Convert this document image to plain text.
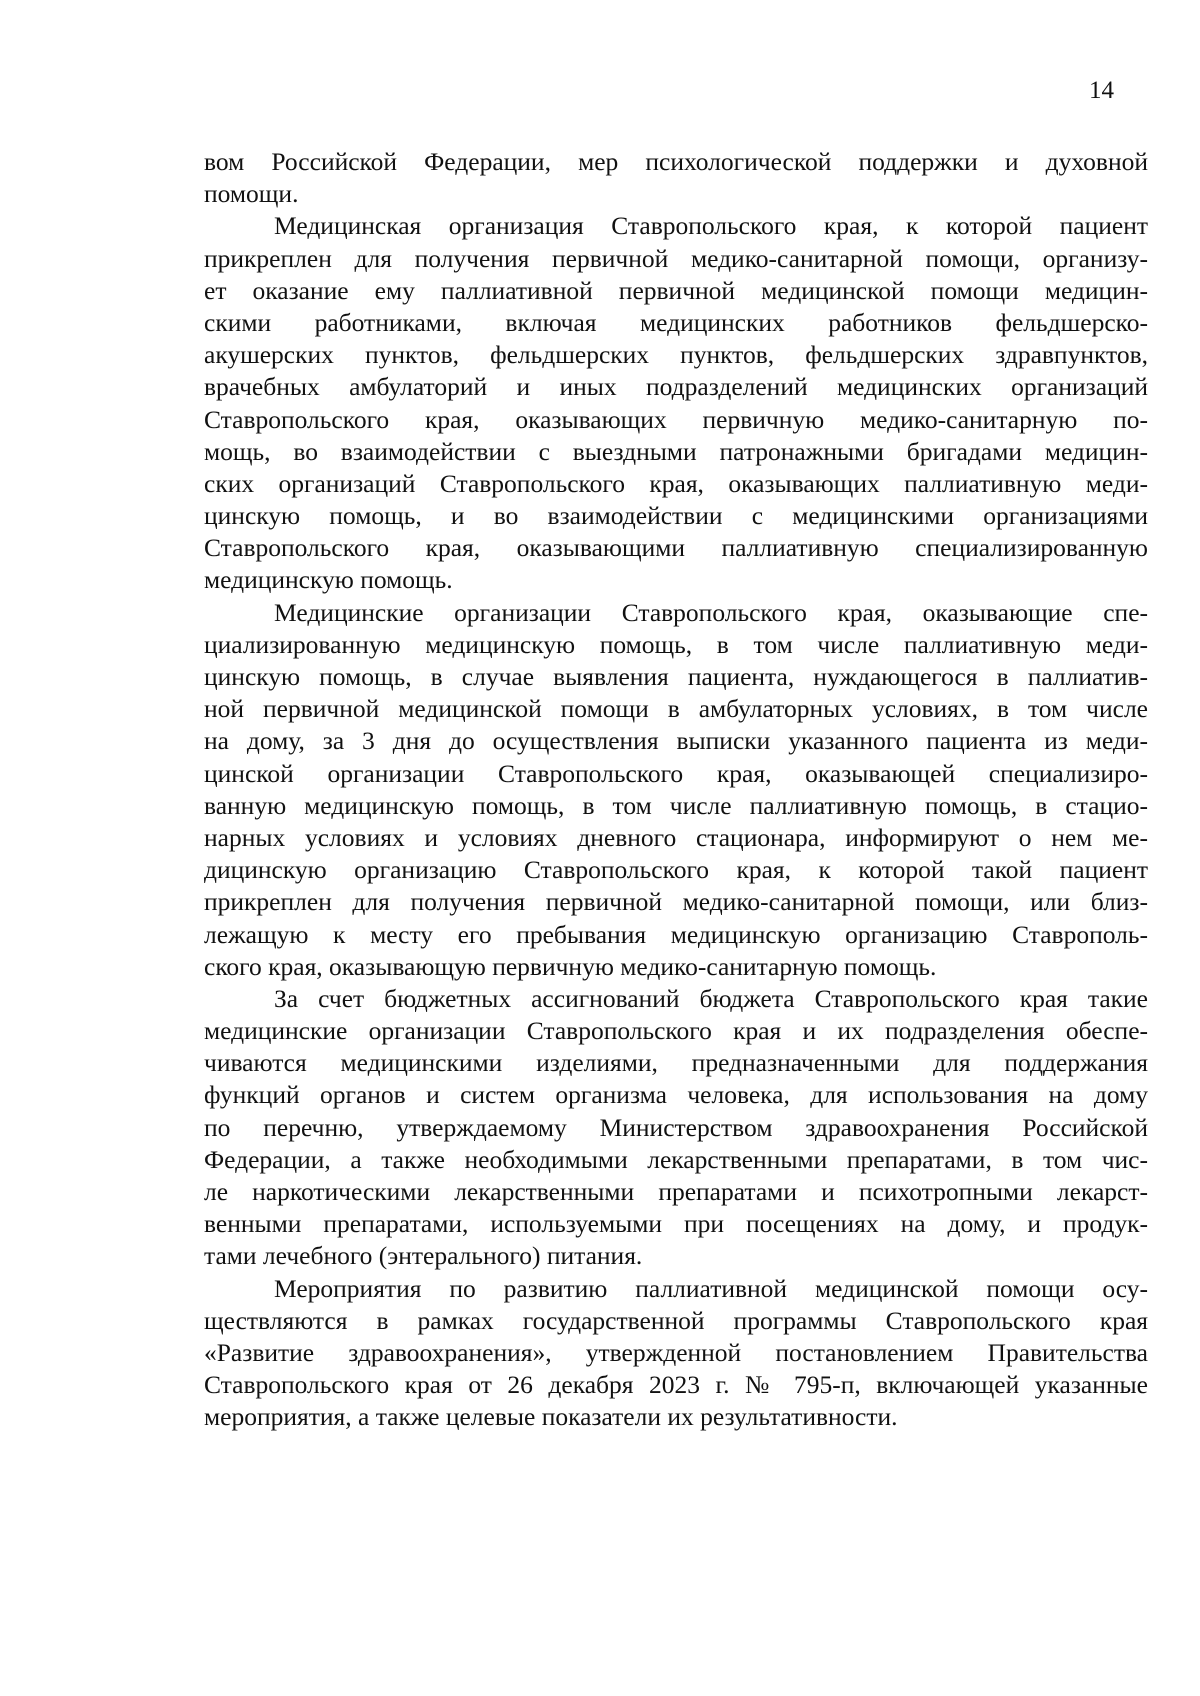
14
вом Российской Федерации, мер психологической поддержки и духовной
помощи.
Медицинская организация Ставропольского края, к которой пациент
прикреплен для получения первичной медико-санитарной помощи, организу-
ет оказание ему паллиативной первичной медицинской помощи медицин-
скими работниками, включая медицинских работников фельдшерско-
акушерских пунктов, фельдшерских пунктов, фельдшерских здравпунктов,
врачебных амбулаторий и иных подразделений медицинских организаций
Ставропольского края, оказывающих первичную медико-санитарную по-
мощь, во взаимодействии с выездными патронажными бригадами медицин-
ских организаций Ставропольского края, оказывающих паллиативную меди-
цинскую помощь, и во взаимодействии с медицинскими организациями
Ставропольского края, оказывающими паллиативную специализированную
медицинскую помощь.
Медицинские организации Ставропольского края, оказывающие спе-
циализированную медицинскую помощь, в том числе паллиативную меди-
цинскую помощь, в случае выявления пациента, нуждающегося в паллиатив-
ной первичной медицинской помощи в амбулаторных условиях, в том числе
на дому, за 3 дня до осуществления выписки указанного пациента из меди-
цинской организации Ставропольского края, оказывающей специализиро-
ванную медицинскую помощь, в том числе паллиативную помощь, в стацио-
нарных условиях и условиях дневного стационара, информируют о нем ме-
дицинскую организацию Ставропольского края, к которой такой пациент
прикреплен для получения первичной медико-санитарной помощи, или близ-
лежащую к месту его пребывания медицинскую организацию Ставрополь-
ского края, оказывающую первичную медико-санитарную помощь.
За счет бюджетных ассигнований бюджета Ставропольского края такие
медицинские организации Ставропольского края и их подразделения обеспе-
чиваются медицинскими изделиями, предназначенными для поддержания
функций органов и систем организма человека, для использования на дому
по перечню, утверждаемому Министерством здравоохранения Российской
Федерации, а также необходимыми лекарственными препаратами, в том чис-
ле наркотическими лекарственными препаратами и психотропными лекарст-
венными препаратами, используемыми при посещениях на дому, и продук-
тами лечебного (энтерального) питания.
Мероприятия по развитию паллиативной медицинской помощи осу-
ществляются в рамках государственной программы Ставропольского края
«Развитие здравоохранения», утвержденной постановлением Правительства
Ставропольского края от 26 декабря 2023 г. № 795-п, включающей указанные
мероприятия, а также целевые показатели их результативности.
